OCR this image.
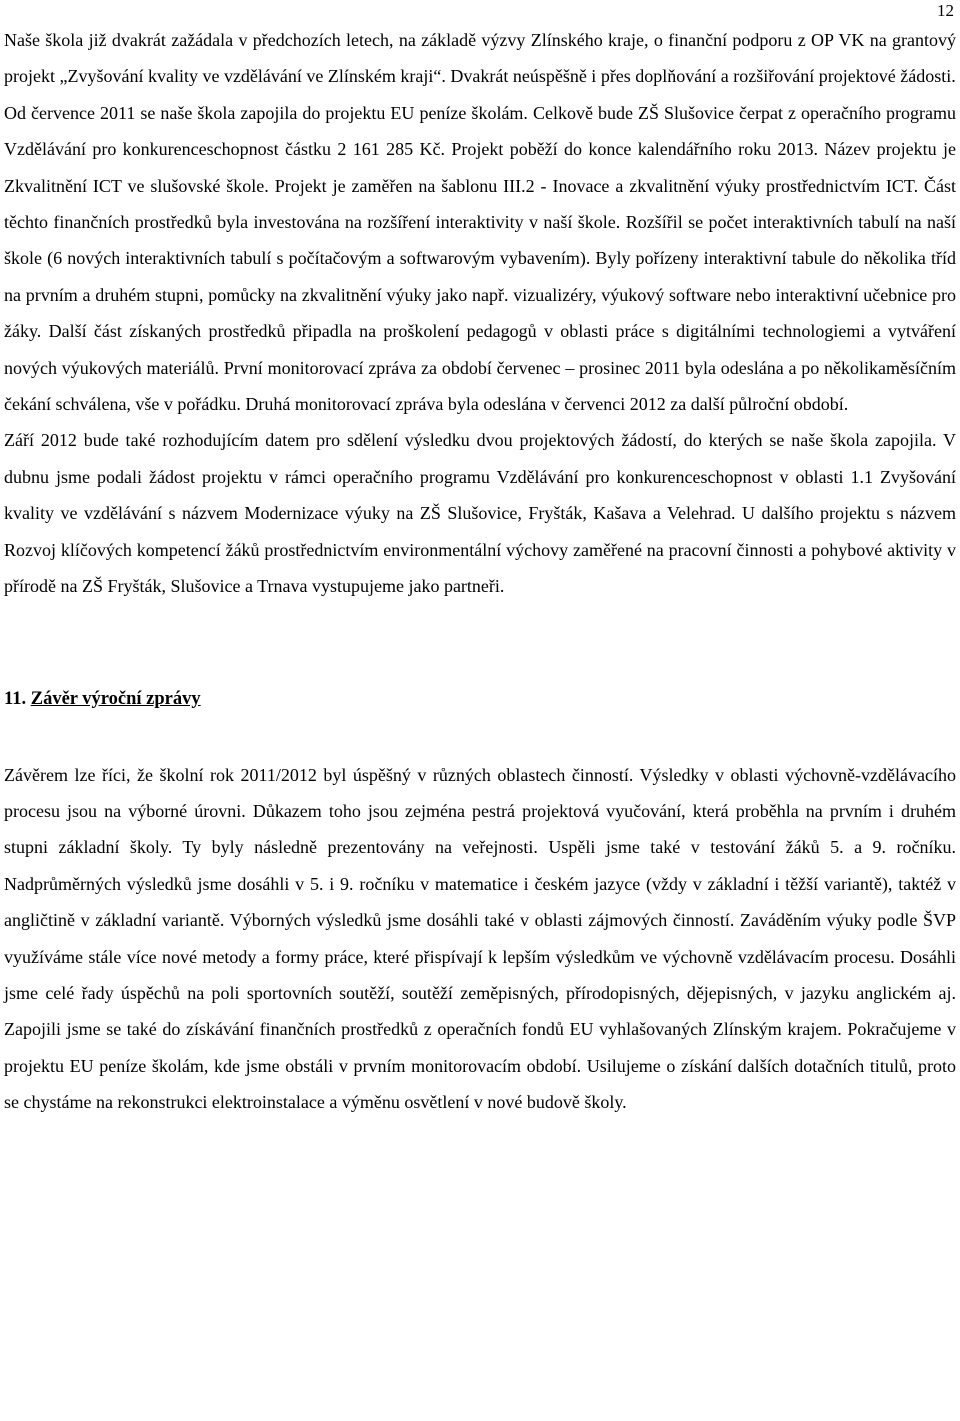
12

Naše škola již dvakrát zažádala v předchozích letech, na základě výzvy Zlínského kraje, o finanční podporu z OP VK na grantový projekt „Zvyšování kvality ve vzdělávání ve Zlínském kraji“. Dvakrát neúspěšně i přes doplňování a rozšiřování projektové žádosti.

Od července 2011 se naše škola zapojila do projektu EU peníze školám. Celkově bude ZŠ Slušovice čerpat z operačního programu Vzdělávání pro konkurenceschopnost částku 2 161 285 Kč. Projekt poběží do konce kalendářního roku 2013. Název projektu je Zkvalitnění ICT ve slušovské škole. Projekt je zaměřen na šablonu III.2 - Inovace a zkvalitnění výuky prostřednictvím ICT. Část těchto finančních prostředků byla investována na rozšíření interaktivity v naší škole. Rozšířil se počet interaktivních tabulí na naší škole (6 nových interaktivních tabulí s počítačovým a softwarovým vybavením). Byly pořízeny interaktivní tabule do několika tříd na prvním a druhém stupni, pomůcky na zkvalitnění výuky jako např. vizualizéry, výukový software nebo interaktivní učebnice pro žáky. Další část získaných prostředků připadla na proškolení pedagogů v oblasti práce s digitálními technologiemi a vytváření nových výukových materiálů. První monitorovací zpráva za období červenec – prosinec 2011 byla odeslána a po několikaměsíčním čekání schválena, vše v pořádku. Druhá monitorovací zpráva byla odeslána v červenci 2012 za další půlroční období.

Září 2012 bude také rozhodujícím datem pro sdělení výsledku dvou projektových žádostí, do kterých se naše škola zapojila. V dubnu jsme podali žádost projektu v rámci operačního programu Vzdělávání pro konkurenceschopnost v oblasti 1.1 Zvyšování kvality ve vzdělávání s názvem Modernizace výuky na ZŠ Slušovice, Fryšták, Kašava a Velehrad. U dalšího projektu s názvem Rozvoj klíčových kompetencí žáků prostřednictvím environmentální výchovy zaměřené na pracovní činnosti a pohybové aktivity v přírodě na ZŠ Fryšták, Slušovice a Trnava vystupujeme jako partneři.

11. Závěr výroční zprávy

Závěrem lze říci, že školní rok 2011/2012 byl úspěšný v různých oblastech činností. Výsledky v oblasti výchovně-vzdělávacího procesu jsou na výborné úrovni. Důkazem toho jsou zejména pestrá projektová vyučování, která proběhla na prvním i druhém stupni základní školy. Ty byly následně prezentovány na veřejnosti. Uspěli jsme také v testování žáků 5. a 9. ročníku. Nadprůměrných výsledků jsme dosáhli v 5. i 9. ročníku v matematice i českém jazyce (vždy v základní i těžší variantě), taktéž v angličtině v základní variantě. Výborných výsledků jsme dosáhli také v oblasti zájmových činností. Zaváděním výuky podle ŠVP využíváme stále více nové metody a formy práce, které přispívají k lepším výsledkům ve výchovně vzdělávacím procesu. Dosáhli jsme celé řady úspěchů na poli sportovních soutěží, soutěží zeměpisných, přírodopisných, dějepisných, v jazyku anglickém aj. Zapojili jsme se také do získávání finančních prostředků z operačních fondů EU vyhlašovaných Zlínským krajem. Pokračujeme v projektu EU peníze školám, kde jsme obstáli v prvním monitorovacím období. Usilujeme o získání dalších dotačních titulů, proto se chystáme na rekonstrukci elektroinstalace a výměnu osvětlení v nové budově školy.
